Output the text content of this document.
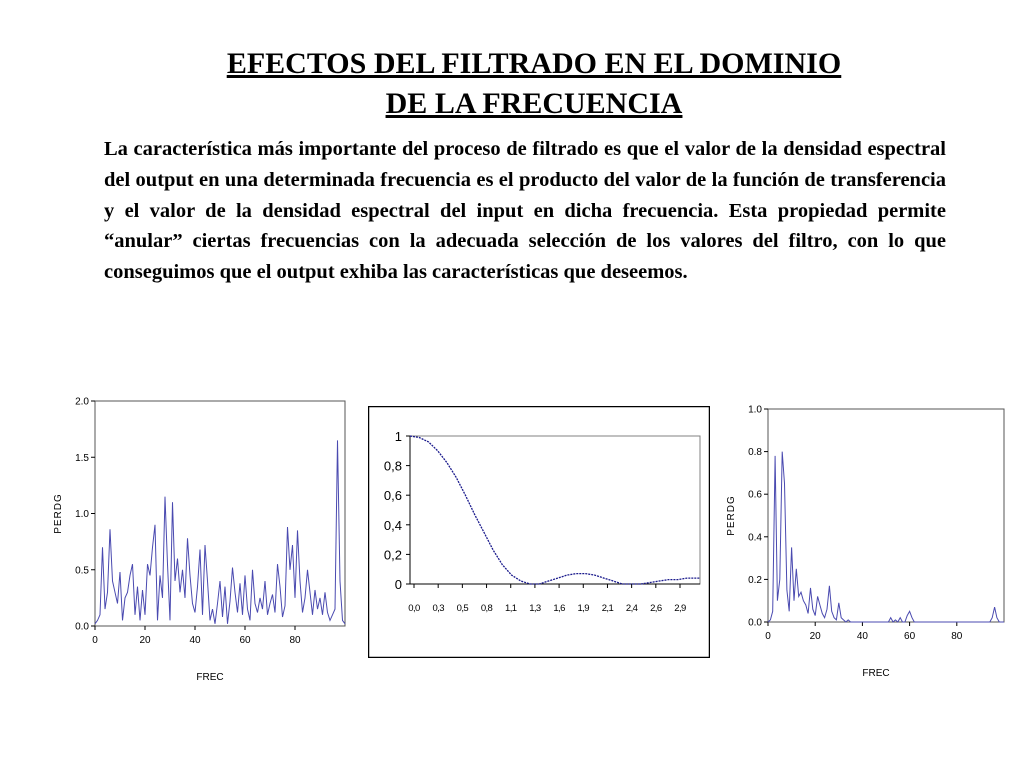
EFECTOS DEL FILTRADO EN EL DOMINIO
DE LA FRECUENCIA
La característica más importante del proceso de filtrado es que el valor de la densidad espectral del output en una determinada frecuencia es el producto del valor de la función de transferencia y el valor de la densidad espectral del input en dicha frecuencia. Esta propiedad permite “anular” ciertas frecuencias con la adecuada selección de los valores del filtro, con lo que conseguimos que el output exhiba las características que deseemos.
0.0
0.5
1.0
1.5
2.0
0	20	40	60	80
FREC
PERDG
0
0,2
0,4
0,6
0,8
1
0,0 0,3 0,5 0,8 1,1 1,3 1,6 1,9 2,1 2,4 2,6 2,9
0.0
0.2
0.4
0.6
0.8
1.0
0	20	40	60	80
FREC
PERDG
